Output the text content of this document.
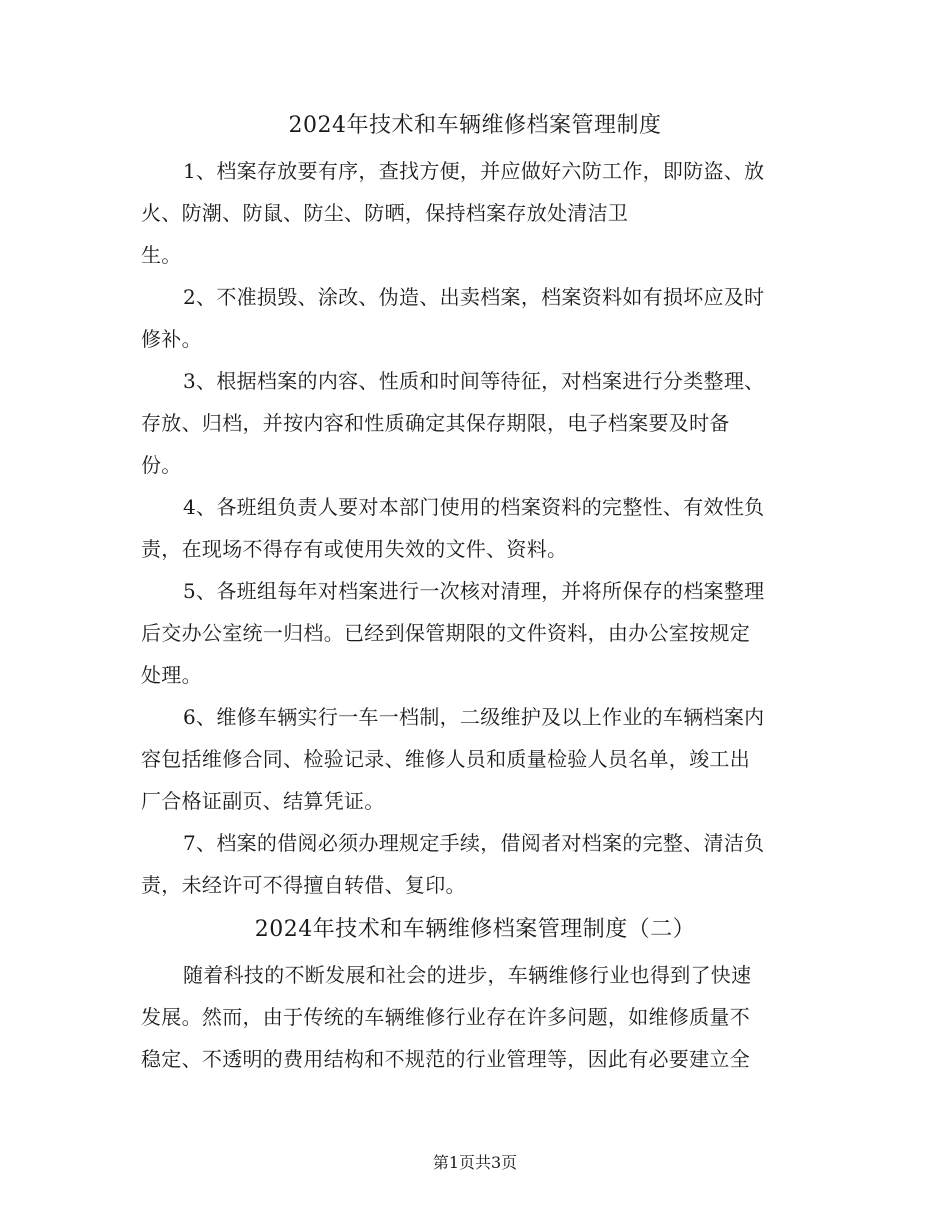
2024年技术和车辆维修档案管理制度
1、档案存放要有序，查找方便，并应做好六防工作，即防盗、放
火、防潮、防鼠、防尘、防晒，保持档案存放处清洁卫
生。
2、不准损毁、涂改、伪造、出卖档案，档案资料如有损坏应及时
修补。
3、根据档案的内容、性质和时间等待征，对档案进行分类整理、
存放、归档，并按内容和性质确定其保存期限，电子档案要及时备
份。
4、各班组负责人要对本部门使用的档案资料的完整性、有效性负
责，在现场不得存有或使用失效的文件、资料。
5、各班组每年对档案进行一次核对清理，并将所保存的档案整理
后交办公室统一归档。已经到保管期限的文件资料，由办公室按规定
处理。
6、维修车辆实行一车一档制，二级维护及以上作业的车辆档案内
容包括维修合同、检验记录、维修人员和质量检验人员名单，竣工出
厂合格证副页、结算凭证。
7、档案的借阅必须办理规定手续，借阅者对档案的完整、清洁负
责，未经许可不得擅自转借、复印。
2024年技术和车辆维修档案管理制度（二）
随着科技的不断发展和社会的进步，车辆维修行业也得到了快速
发展。然而，由于传统的车辆维修行业存在许多问题，如维修质量不
稳定、不透明的费用结构和不规范的行业管理等，因此有必要建立全
第1页共3页
